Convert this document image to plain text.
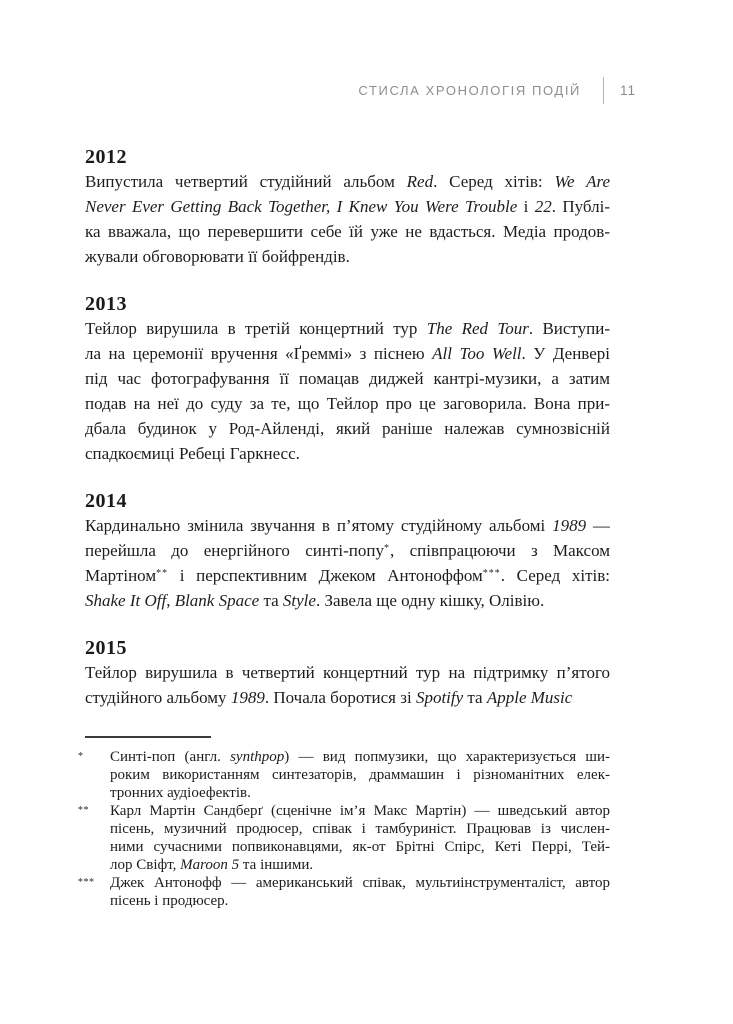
СТИСЛА ХРОНОЛОГІЯ ПОДІЙ	11
2012
Випустила четвертий студійний альбом Red. Серед хітів: We Are
Never Ever Getting Back Together, I Knew You Were Trouble і 22. Публі-
ка вважала, що перевершити себе їй уже не вдасться. Медіа продов-
жували обговорювати її бойфрендів.
2013
Тейлор вирушила в третій концертний тур The Red Tour. Виступи-
ла на церемонії вручення «Ґреммі» з піснею All Too Well. У Денвері
під час фотографування її помацав диджей кантрі-музики, а затим
подав на неї до суду за те, що Тейлор про це заговорила. Вона при-
дбала будинок у Род-Айленді, який раніше належав сумнозвісній
спадкоємиці Ребеці Гаркнесс.
2014
Кардинально змінила звучання в п’ятому студійному альбомі 1989 —
перейшла до енергійного синті-попу*, співпрацюючи з Максом
Мартіном** і перспективним Джеком Антоноффом***. Серед хітів:
Shake It Off, Blank Space та Style. Завела ще одну кішку, Олівію.
2015
Тейлор вирушила в четвертий концертний тур на підтримку п’ятого
студійного альбому 1989. Почала боротися зі Spotify та Apple Music
*	Синті-поп (англ. synthpop) — вид попмузики, що характеризується ши-
роким використанням синтезаторів, драммашин і різноманітних елек-
тронних аудіоефектів.
**	Карл Мартін Сандберґ (сценічне ім’я Макс Мартін) — шведський автор
пісень, музичний продюсер, співак і тамбуриніст. Працював із числен-
ними сучасними попвиконавцями, як-от Брітні Спірс, Кеті Перрі, Тей-
лор Свіфт, Maroon 5 та іншими.
***	Джек Антонофф — американський співак, мультиінструменталіст, автор
пісень і продюсер.
